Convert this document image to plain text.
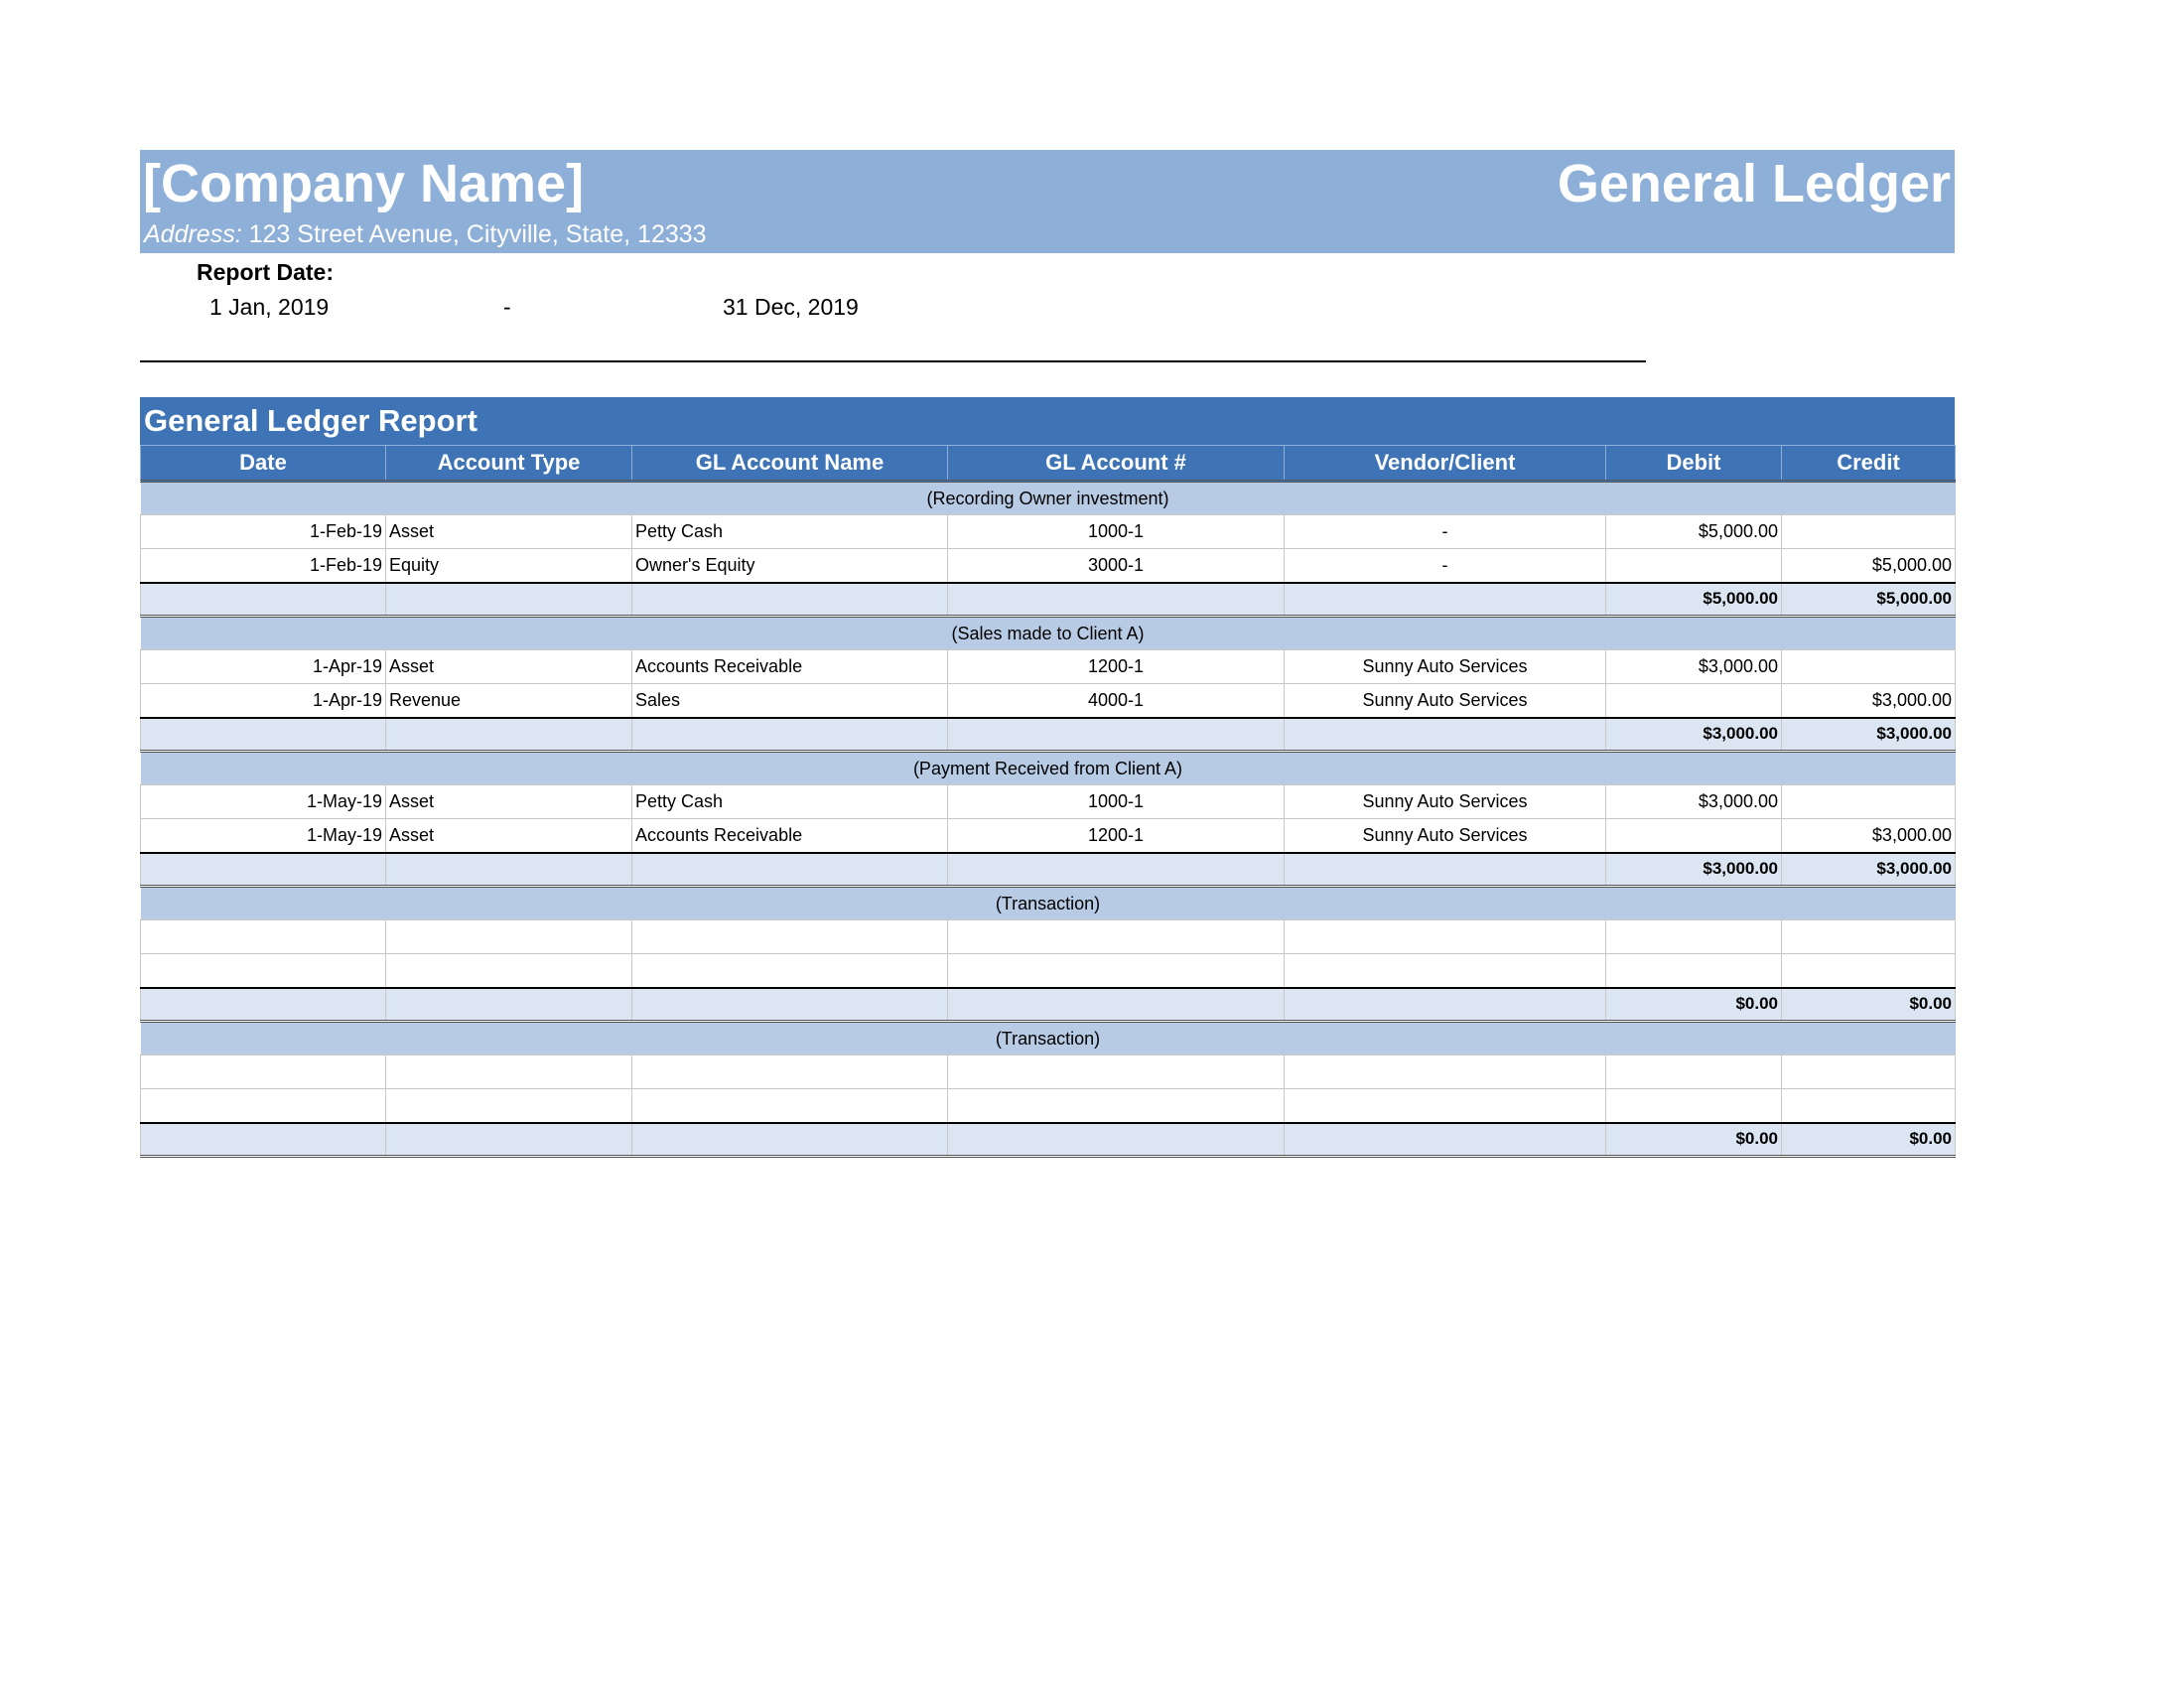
[Company Name]	General Ledger
Address: 123 Street Avenue, Cityville, State, 12333
Report Date:
1 Jan, 2019	-	31 Dec, 2019
General Ledger Report
Date	Account Type	GL Account Name	GL Account #	Vendor/Client	Debit	Credit
(Recording Owner investment)						
1-Feb-19	Asset	Petty Cash	1000-1	-	$5,000.00	
1-Feb-19	Equity	Owner's Equity	3000-1	-		$5,000.00
					$5,000.00	$5,000.00
(Sales made to Client A)						
1-Apr-19	Asset	Accounts Receivable	1200-1	Sunny Auto Services	$3,000.00	
1-Apr-19	Revenue	Sales	4000-1	Sunny Auto Services		$3,000.00
					$3,000.00	$3,000.00
(Payment Received from Client A)						
1-May-19	Asset	Petty Cash	1000-1	Sunny Auto Services	$3,000.00	
1-May-19	Asset	Accounts Receivable	1200-1	Sunny Auto Services		$3,000.00
					$3,000.00	$3,000.00
(Transaction)						

					$0.00	$0.00
(Transaction)						

					$0.00	$0.00
